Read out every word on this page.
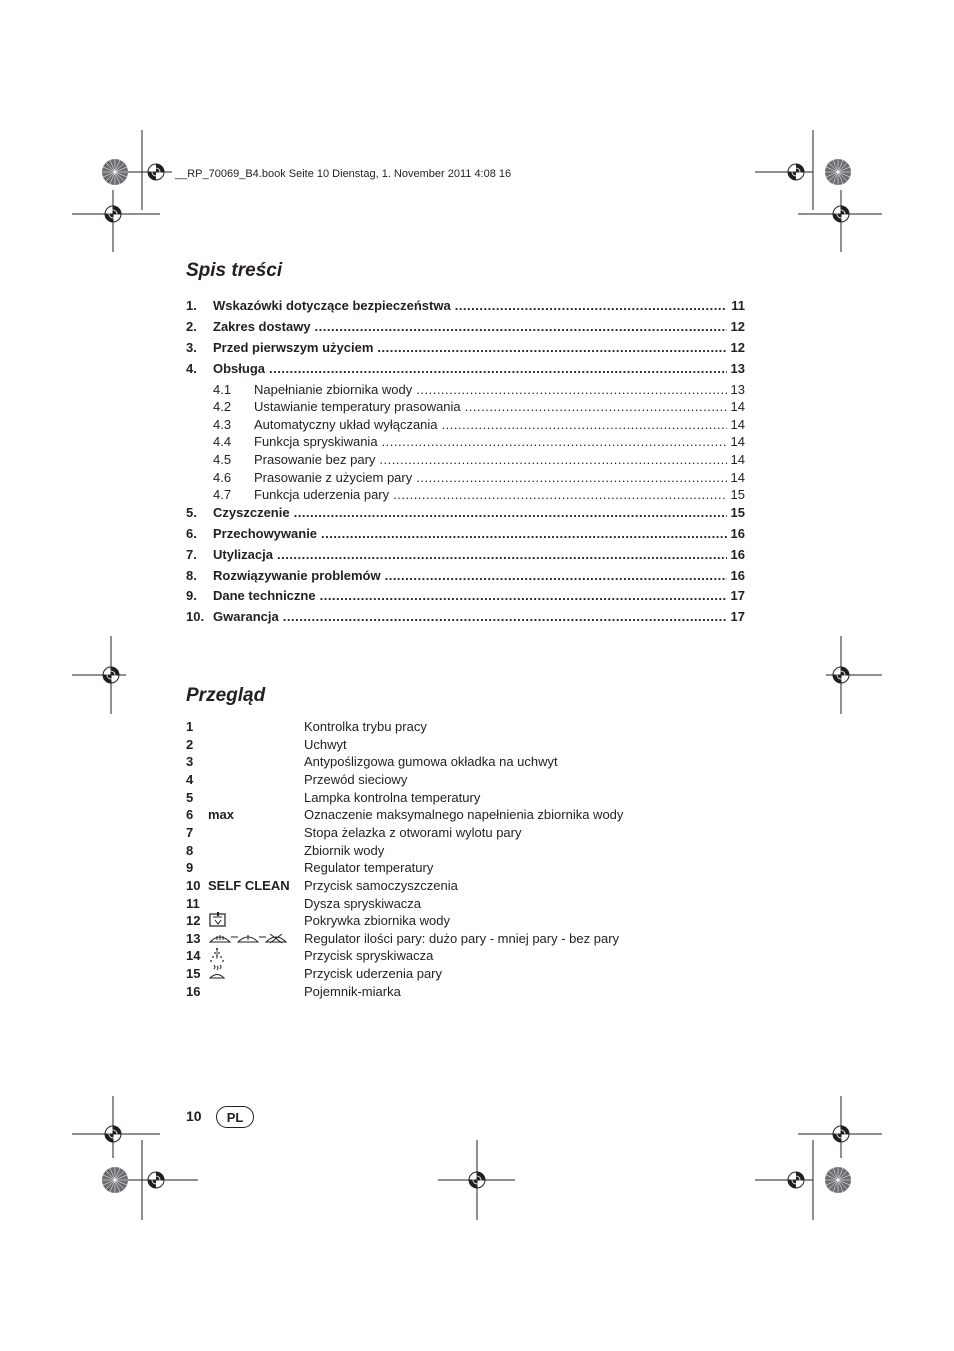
__RP_70069_B4.book Seite 10 Dienstag, 1. November 2011 4:08 16
Spis treści
1.	Wskazówki dotyczące bezpieczeństwa .....	11
2.	Zakres dostawy .....	12
3.	Przed pierwszym użyciem .....	12
4.	Obsługa .....	13
4.1	Napełnianie zbiornika wody .....	13
4.2	Ustawianie temperatury prasowania .....	14
4.3	Automatyczny układ wyłączania .....	14
4.4	Funkcja spryskiwania .....	14
4.5	Prasowanie bez pary .....	14
4.6	Prasowanie z użyciem pary .....	14
4.7	Funkcja uderzenia pary .....	15
5.	Czyszczenie .....	15
6.	Przechowywanie .....	16
7.	Utylizacja .....	16
8.	Rozwiązywanie problemów .....	16
9.	Dane techniczne .....	17
10. Gwarancja .....	17
Przegląd
1	Kontrolka trybu pracy
2	Uchwyt
3	Antypoślizgowa gumowa okładka na uchwyt
4	Przewód sieciowy
5	Lampka kontrolna temperatury
6 max	Oznaczenie maksymalnego napełnienia zbiornika wody
7	Stopa żelazka z otworami wylotu pary
8	Zbiornik wody
9	Regulator temperatury
10 SELF CLEAN Przycisk samoczyszczenia
11	Dysza spryskiwacza
12	Pokrywka zbiornika wody
13	Regulator ilości pary: dużo pary - mniej pary - bez pary
14	Przycisk spryskiwacza
15	Przycisk uderzenia pary
16	Pojemnik-miarka
10	PL
